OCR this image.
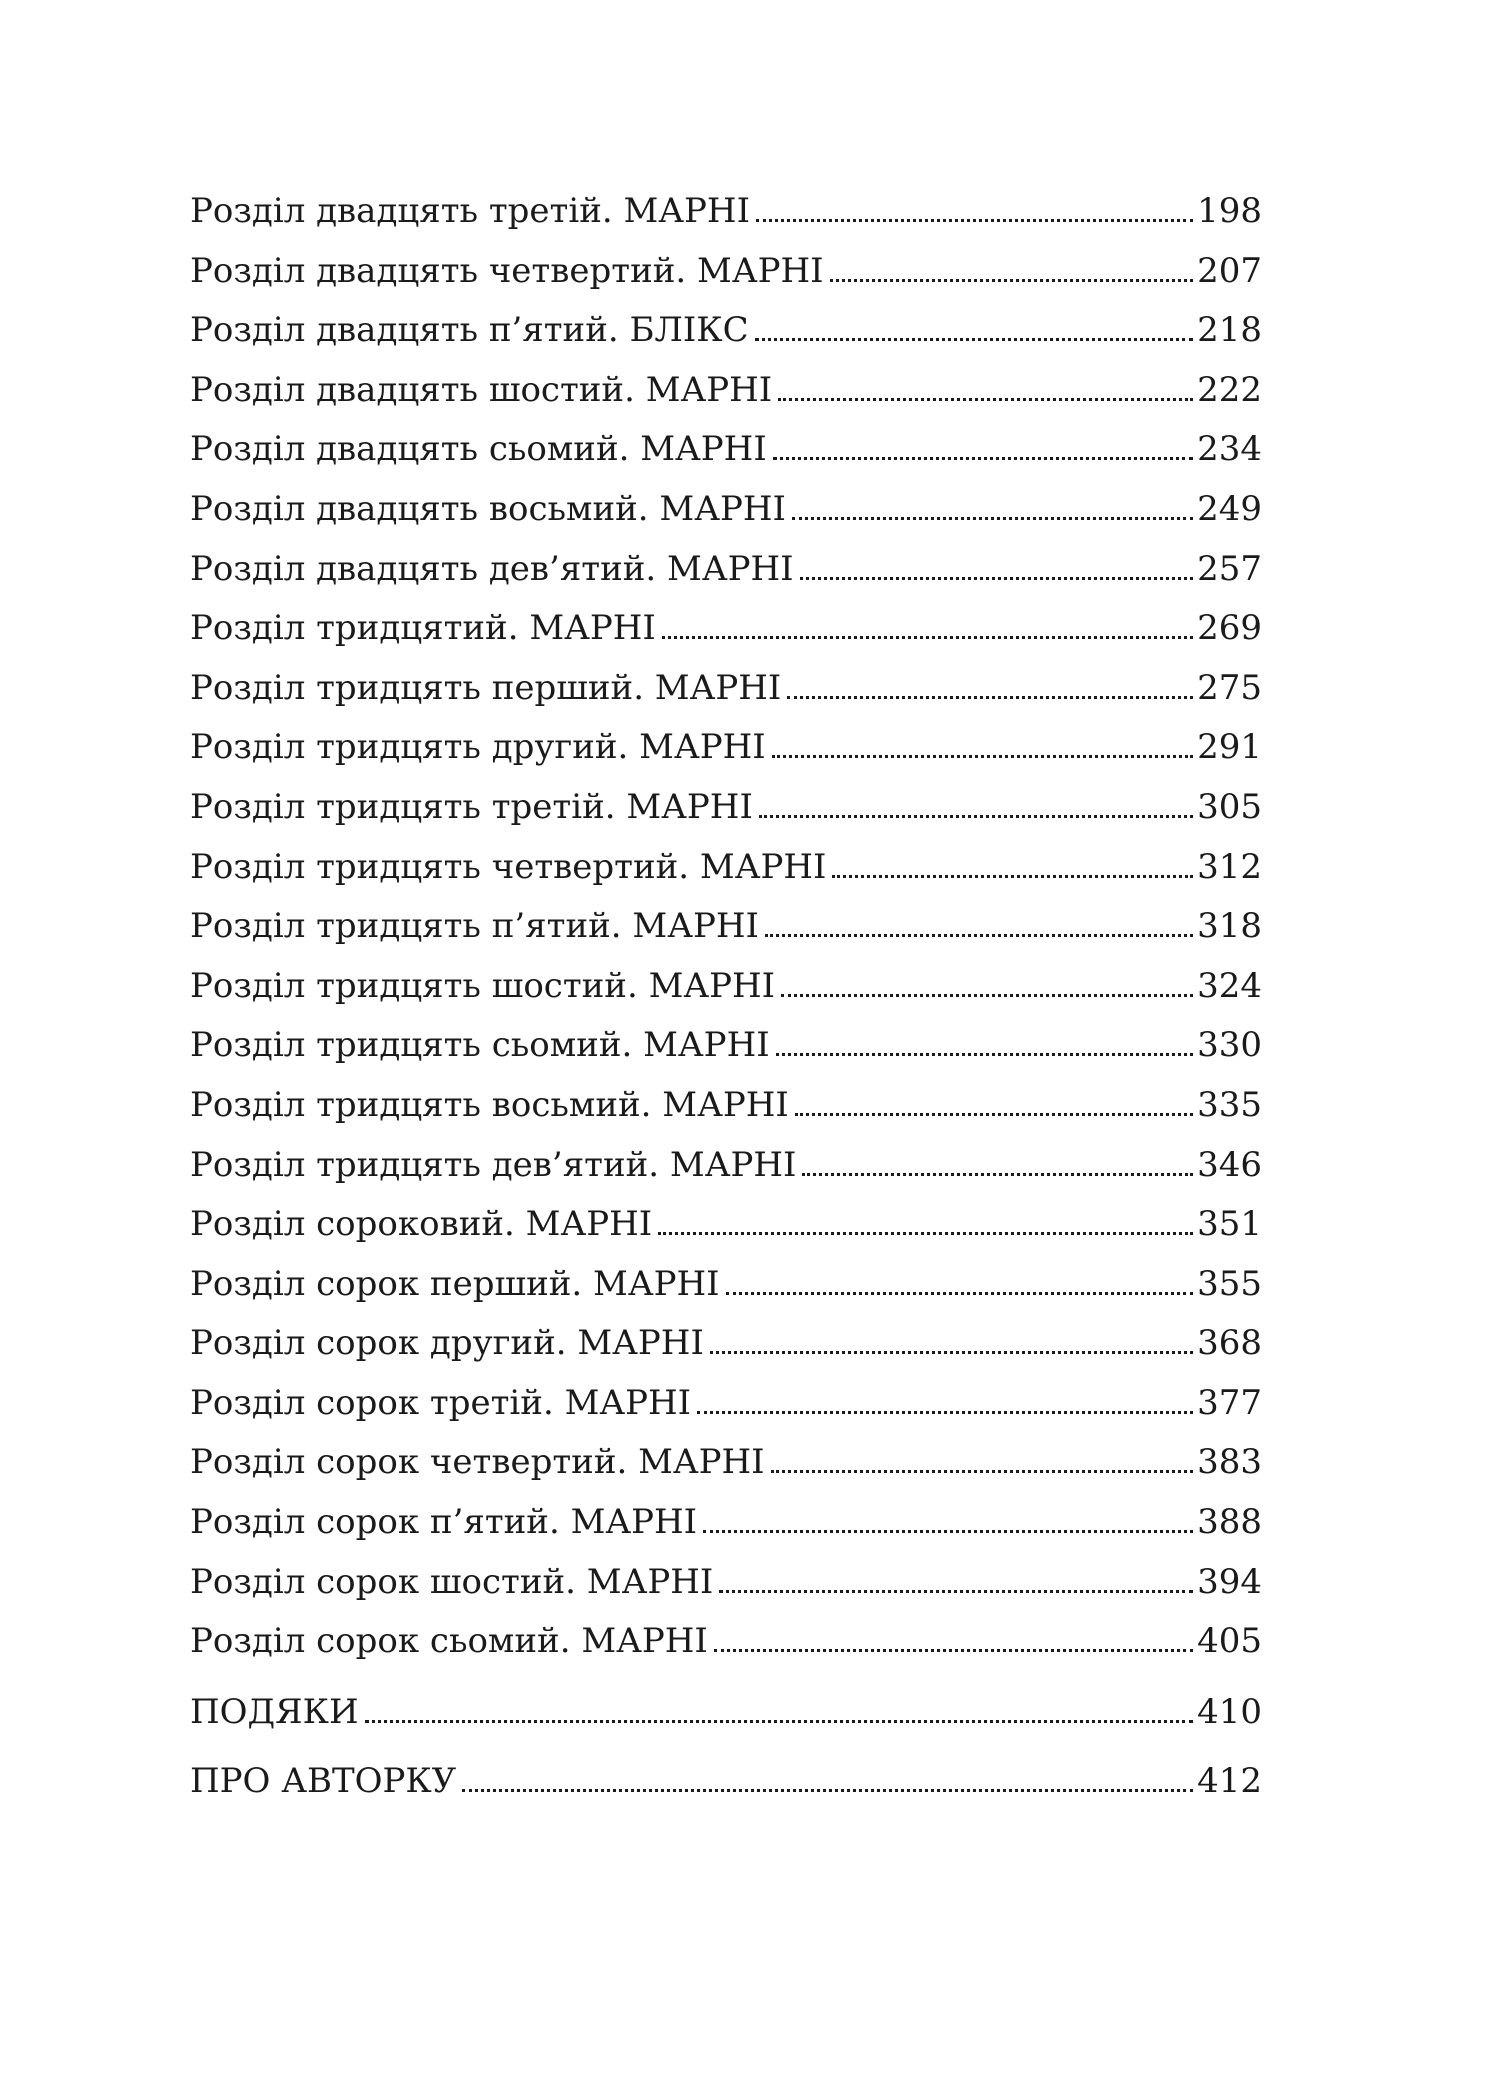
Розділ двадцять третій. МАРНІ	198
Розділ двадцять четвертий. МАРНІ	207
Розділ двадцять п’ятий. БЛІКС	218
Розділ двадцять шостий. МАРНІ	222
Розділ двадцять сьомий. МАРНІ	234
Розділ двадцять восьмий. МАРНІ	249
Розділ двадцять дев’ятий. МАРНІ	257
Розділ тридцятий. МАРНІ	269
Розділ тридцять перший. МАРНІ	275
Розділ тридцять другий. МАРНІ	291
Розділ тридцять третій. МАРНІ	305
Розділ тридцять четвертий. МАРНІ	312
Розділ тридцять п’ятий. МАРНІ	318
Розділ тридцять шостий. МАРНІ	324
Розділ тридцять сьомий. МАРНІ	330
Розділ тридцять восьмий. МАРНІ	335
Розділ тридцять дев’ятий. МАРНІ	346
Розділ сороковий. МАРНІ	351
Розділ сорок перший. МАРНІ	355
Розділ сорок другий. МАРНІ	368
Розділ сорок третій. МАРНІ	377
Розділ сорок четвертий. МАРНІ	383
Розділ сорок п’ятий. МАРНІ	388
Розділ сорок шостий. МАРНІ	394
Розділ сорок сьомий. МАРНІ	405
ПОДЯКИ	410
ПРО АВТОРКУ	412
